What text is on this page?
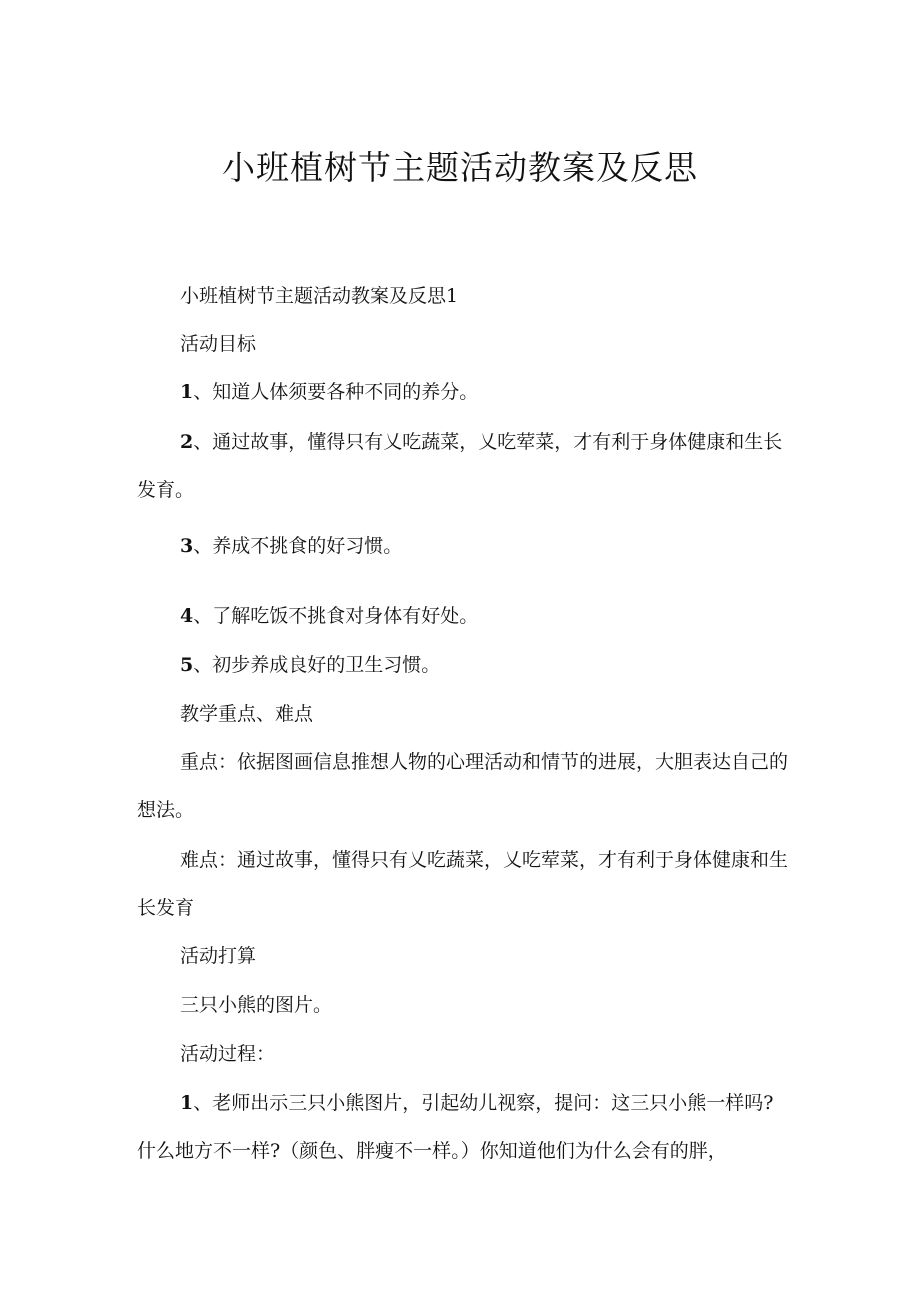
小班植树节主题活动教案及反思

小班植树节主题活动教案及反思1

活动目标

1、知道人体须要各种不同的养分。

2、通过故事，懂得只有乂吃蔬菜，乂吃荤菜，才有利于身体健康和生长发育。

3、养成不挑食的好习惯。

4、了解吃饭不挑食对身体有好处。

5、初步养成良好的卫生习惯。

教学重点、难点

重点：依据图画信息推想人物的心理活动和情节的进展，大胆表达自己的想法。

难点：通过故事，懂得只有乂吃蔬菜，乂吃荤菜，才有利于身体健康和生长发育

活动打算

三只小熊的图片。

活动过程：

1、老师出示三只小熊图片，引起幼儿视察，提问：这三只小熊一样吗?什么地方不一样?（颜色、胖瘦不一样。）你知道他们为什么会有的胖，
